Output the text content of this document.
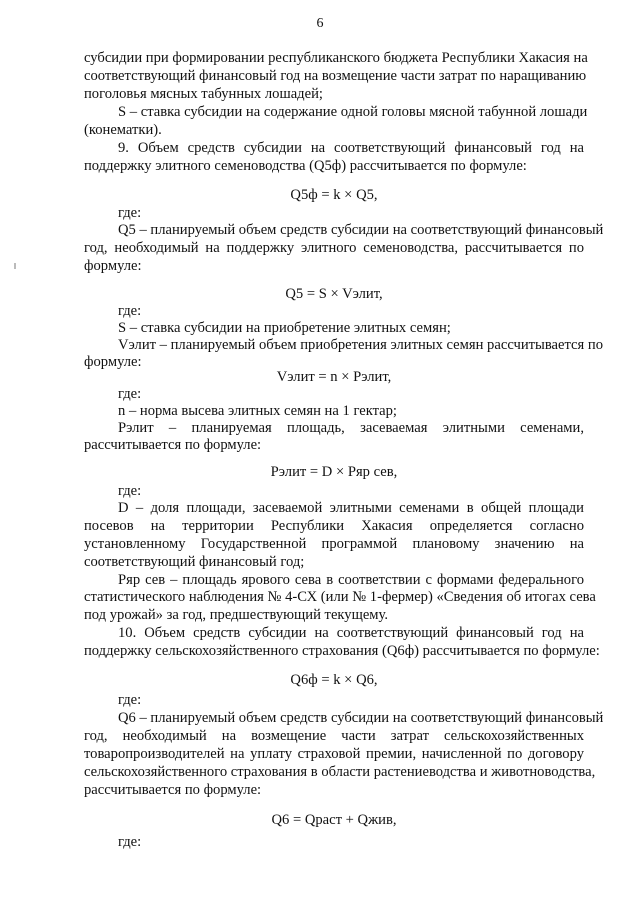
6
субсидии при формировании республиканского бюджета Республики Хакасия на
соответствующий финансовый год на возмещение части затрат по наращиванию
поголовья мясных табунных лошадей;
S – ставка субсидии на содержание одной головы мясной табунной лошади
(конематки).
9. Объем средств субсидии на соответствующий финансовый год на
поддержку элитного семеноводства (Q5ф) рассчитывается по формуле:
Q5ф = k × Q5,
где:
Q5 – планируемый объем средств субсидии на соответствующий финансовый
год, необходимый на поддержку элитного семеноводства, рассчитывается по
формуле:
Q5 = S × Vэлит,
где:
S – ставка субсидии на приобретение элитных семян;
Vэлит – планируемый объем приобретения элитных семян рассчитывается по
формуле:
Vэлит = n × Pэлит,
где:
n – норма высева элитных семян на 1 гектар;
Pэлит – планируемая площадь, засеваемая элитными семенами,
рассчитывается по формуле:
Pэлит = D × Pяр сев,
где:
D – доля площади, засеваемой элитными семенами в общей площади
посевов на территории Республики Хакасия определяется согласно
установленному Государственной программой плановому значению на
соответствующий финансовый год;
Pяр сев – площадь ярового сева в соответствии с формами федерального
статистического наблюдения № 4-СХ (или № 1-фермер) «Сведения об итогах сева
под урожай» за год, предшествующий текущему.
10. Объем средств субсидии на соответствующий финансовый год на
поддержку сельскохозяйственного страхования (Q6ф) рассчитывается по формуле:
Q6ф = k × Q6,
где:
Q6 – планируемый объем средств субсидии на соответствующий финансовый
год, необходимый на возмещение части затрат сельскохозяйственных
товаропроизводителей на уплату страховой премии, начисленной по договору
сельскохозяйственного страхования в области растениеводства и животноводства,
рассчитывается по формуле:
Q6 = Qраст + Qжив,
где:
